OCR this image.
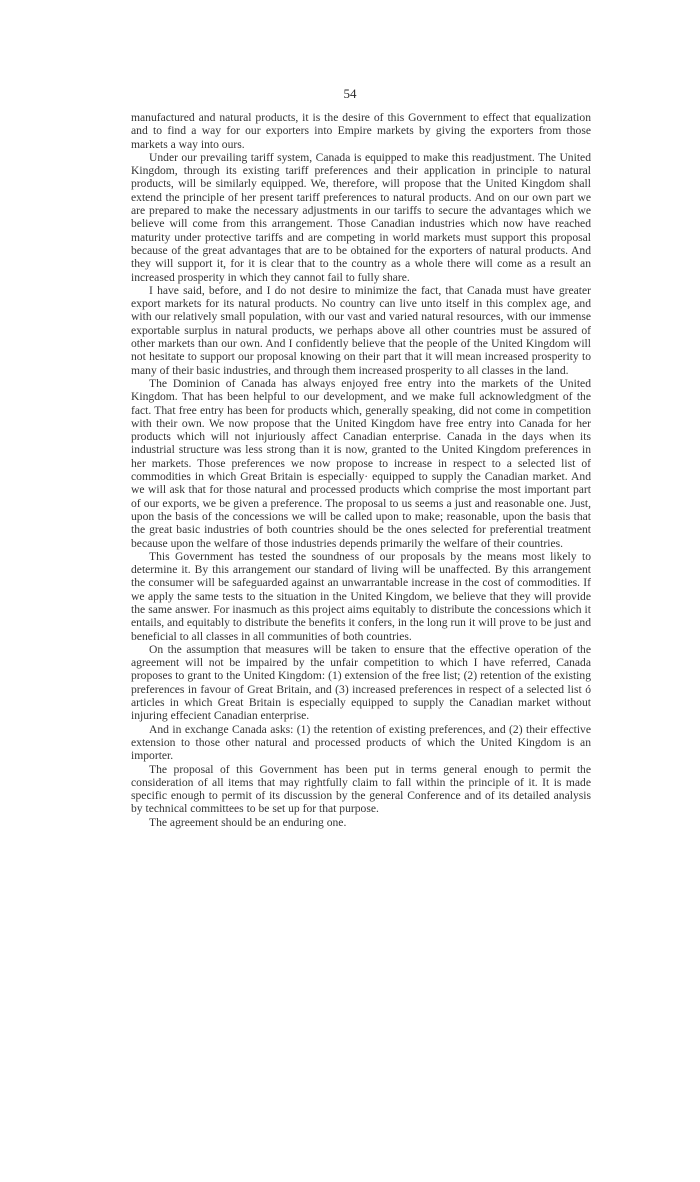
54

manufactured and natural products, it is the desire of this Government to effect that equalization and to find a way for our exporters into Empire markets by giving the exporters from those markets a way into ours.

Under our prevailing tariff system, Canada is equipped to make this readjustment. The United Kingdom, through its existing tariff preferences and their application in principle to natural products, will be similarly equipped. We, therefore, will propose that the United Kingdom shall extend the principle of her present tariff preferences to natural products. And on our own part we are prepared to make the necessary adjustments in our tariffs to secure the advantages which we believe will come from this arrangement. Those Canadian industries which now have reached maturity under protective tariffs and are competing in world markets must support this proposal because of the great advantages that are to be obtained for the exporters of natural products. And they will support it, for it is clear that to the country as a whole there will come as a result an increased prosperity in which they cannot fail to fully share.

I have said, before, and I do not desire to minimize the fact, that Canada must have greater export markets for its natural products. No country can live unto itself in this complex age, and with our relatively small population, with our vast and varied natural resources, with our immense exportable surplus in natural products, we perhaps above all other countries must be assured of other markets than our own. And I confidently believe that the people of the United Kingdom will not hesitate to support our proposal knowing on their part that it will mean increased prosperity to many of their basic industries, and through them increased prosperity to all classes in the land.

The Dominion of Canada has always enjoyed free entry into the markets of the United Kingdom. That has been helpful to our development, and we make full acknowledgment of the fact. That free entry has been for products which, generally speaking, did not come in competition with their own. We now propose that the United Kingdom have free entry into Canada for her products which will not injuriously affect Canadian enterprise. Canada in the days when its industrial structure was less strong than it is now, granted to the United Kingdom preferences in her markets. Those preferences we now propose to increase in respect to a selected list of commodities in which Great Britain is especially· equipped to supply the Canadian market. And we will ask that for those natural and processed products which comprise the most important part of our exports, we be given a preference. The proposal to us seems a just and reasonable one. Just, upon the basis of the concessions we will be called upon to make; reasonable, upon the basis that the great basic industries of both countries should be the ones selected for preferential treatment because upon the welfare of those industries depends primarily the welfare of their countries.

This Government has tested the soundness of our proposals by the means most likely to determine it. By this arrangement our standard of living will be unaffected. By this arrangement the consumer will be safeguarded against an unwarrantable increase in the cost of commodities. If we apply the same tests to the situation in the United Kingdom, we believe that they will provide the same answer. For inasmuch as this project aims equitably to distribute the concessions which it entails, and equitably to distribute the benefits it confers, in the long run it will prove to be just and beneficial to all classes in all communities of both countries.

On the assumption that measures will be taken to ensure that the effective operation of the agreement will not be impaired by the unfair competition to which I have referred, Canada proposes to grant to the United Kingdom: (1) extension of the free list; (2) retention of the existing preferences in favour of Great Britain, and (3) increased preferences in respect of a selected list ó articles in which Great Britain is especially equipped to supply the Canadian market without injuring effecient Canadian enterprise.

And in exchange Canada asks: (1) the retention of existing preferences, and (2) their effective extension to those other natural and processed products of which the United Kingdom is an importer.

The proposal of this Government has been put in terms general enough to permit the consideration of all items that may rightfully claim to fall within the principle of it. It is made specific enough to permit of its discussion by the general Conference and of its detailed analysis by technical committees to be set up for that purpose.

The agreement should be an enduring one.
